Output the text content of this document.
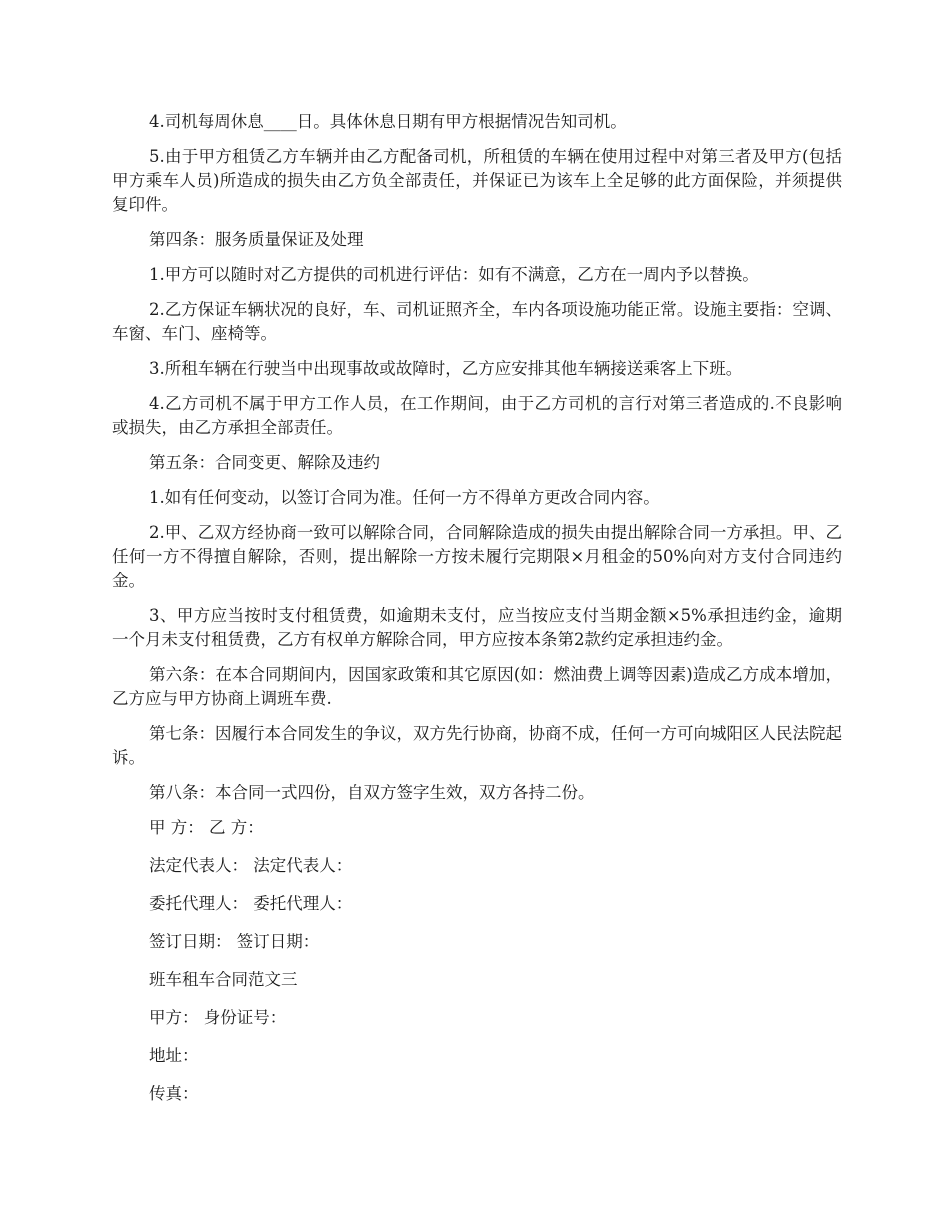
4.司机每周休息____日。具体休息日期有甲方根据情况告知司机。

5.由于甲方租赁乙方车辆并由乙方配备司机，所租赁的车辆在使用过程中对第三者及甲方(包括甲方乘车人员)所造成的损失由乙方负全部责任，并保证已为该车上全足够的此方面保险，并须提供复印件。

第四条：服务质量保证及处理

1.甲方可以随时对乙方提供的司机进行评估：如有不满意，乙方在一周内予以替换。

2.乙方保证车辆状况的良好，车、司机证照齐全，车内各项设施功能正常。设施主要指：空调、车窗、车门、座椅等。

3.所租车辆在行驶当中出现事故或故障时，乙方应安排其他车辆接送乘客上下班。

4.乙方司机不属于甲方工作人员，在工作期间，由于乙方司机的言行对第三者造成的.不良影响或损失，由乙方承担全部责任。

第五条：合同变更、解除及违约

1.如有任何变动，以签订合同为准。任何一方不得单方更改合同内容。

2.甲、乙双方经协商一致可以解除合同，合同解除造成的损失由提出解除合同一方承担。甲、乙任何一方不得擅自解除，否则，提出解除一方按未履行完期限×月租金的50%向对方支付合同违约金。

3、甲方应当按时支付租赁费，如逾期未支付，应当按应支付当期金额×5%承担违约金，逾期一个月未支付租赁费，乙方有权单方解除合同，甲方应按本条第2款约定承担违约金。

第六条：在本合同期间内，因国家政策和其它原因(如：燃油费上调等因素)造成乙方成本增加，乙方应与甲方协商上调班车费.

第七条：因履行本合同发生的争议，双方先行协商，协商不成，任何一方可向城阳区人民法院起诉。

第八条：本合同一式四份，自双方签字生效，双方各持二份。

甲 方： 乙 方：

法定代表人： 法定代表人：

委托代理人： 委托代理人：

签订日期： 签订日期：

班车租车合同范文三

甲方： 身份证号：

地址：

传真：
